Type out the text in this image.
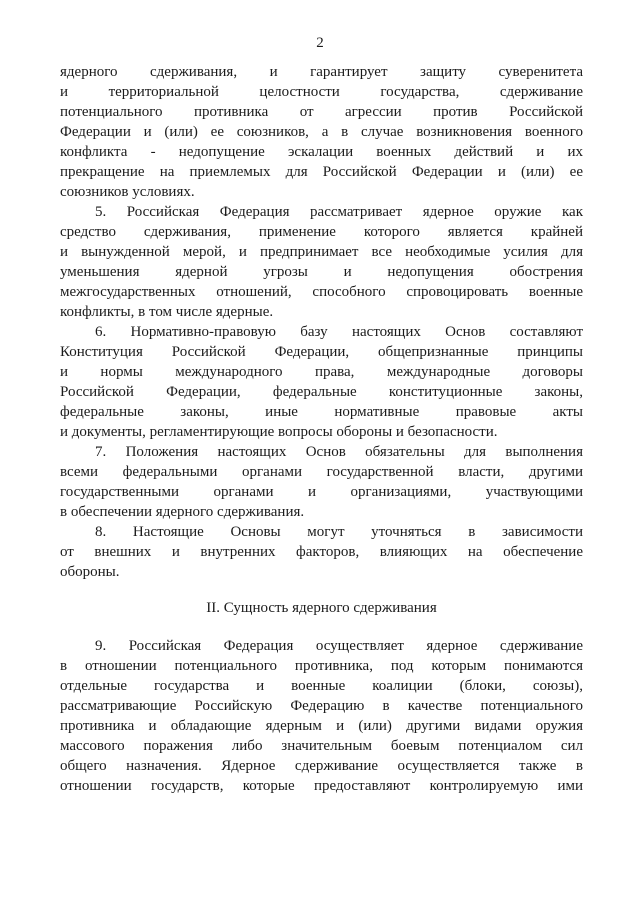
2
ядерного сдерживания, и гарантирует защиту суверенитета
и территориальной целостности государства, сдерживание
потенциального противника от агрессии против Российской
Федерации и (или) ее союзников, а в случае возникновения военного
конфликта - недопущение эскалации военных действий и их
прекращение на приемлемых для Российской Федерации и (или) ее
союзников условиях.
5. Российская Федерация рассматривает ядерное оружие как
средство сдерживания, применение которого является крайней
и вынужденной мерой, и предпринимает все необходимые усилия для
уменьшения ядерной угрозы и недопущения обострения
межгосударственных отношений, способного спровоцировать военные
конфликты, в том числе ядерные.
6. Нормативно-правовую базу настоящих Основ составляют
Конституция Российской Федерации, общепризнанные принципы
и нормы международного права, международные договоры
Российской Федерации, федеральные конституционные законы,
федеральные законы, иные нормативные правовые акты
и документы, регламентирующие вопросы обороны и безопасности.
7. Положения настоящих Основ обязательны для выполнения
всеми федеральными органами государственной власти, другими
государственными органами и организациями, участвующими
в обеспечении ядерного сдерживания.
8. Настоящие Основы могут уточняться в зависимости
от внешних и внутренних факторов, влияющих на обеспечение
обороны.
II. Сущность ядерного сдерживания
9. Российская Федерация осуществляет ядерное сдерживание
в отношении потенциального противника, под которым понимаются
отдельные государства и военные коалиции (блоки, союзы),
рассматривающие Российскую Федерацию в качестве потенциального
противника и обладающие ядерным и (или) другими видами оружия
массового поражения либо значительным боевым потенциалом сил
общего назначения. Ядерное сдерживание осуществляется также в
отношении государств, которые предоставляют контролируемую ими
